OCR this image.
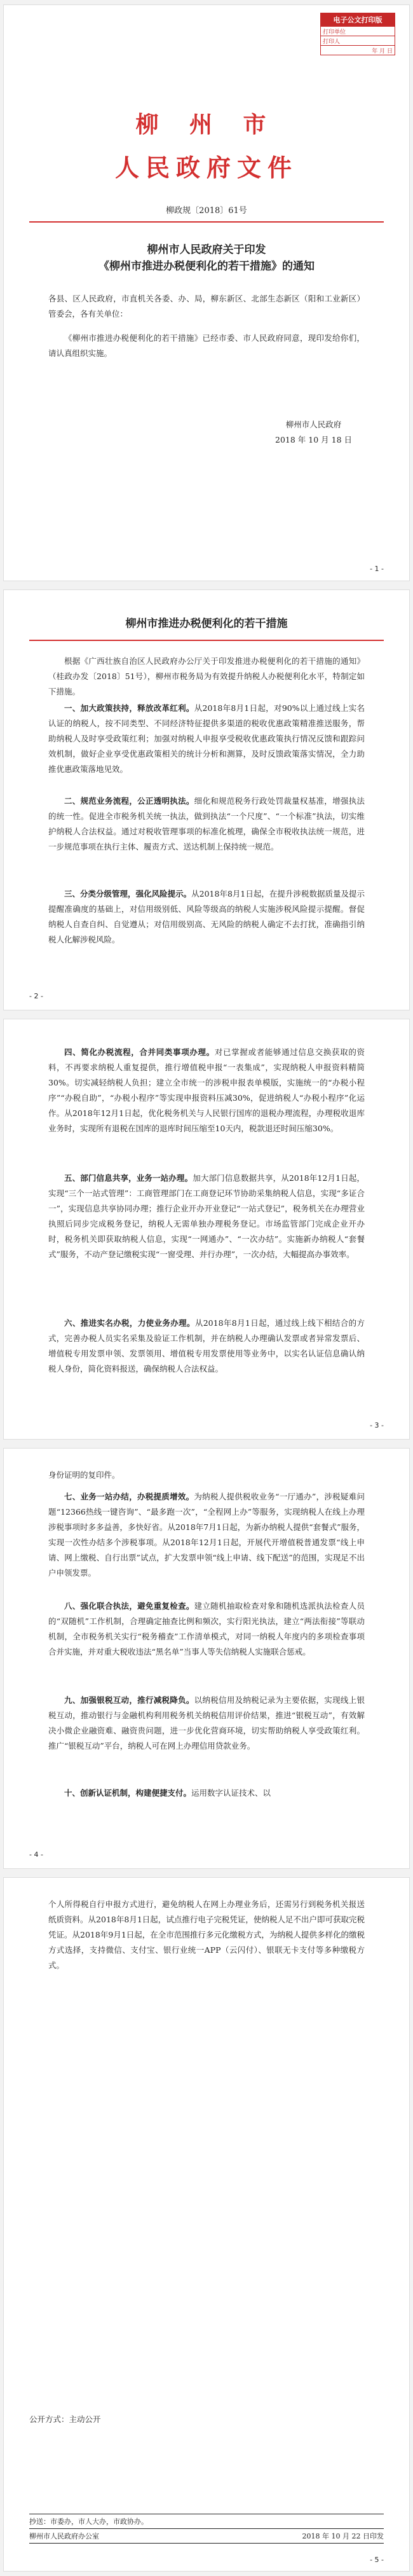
电子公文打印版
打印单位
打印人
年 月 日
柳 州 市
人民政府文件
柳政规〔2018〕61号
柳州市人民政府关于印发
《柳州市推进办税便利化的若干措施》的通知

各县、区人民政府，市直机关各委、办、局，柳东新区、北部生态新区（阳和工业新区）管委会，各有关单位：

《柳州市推进办税便利化的若干措施》已经市委、市人民政府同意，现印发给你们，请认真组织实施。

柳州市人民政府
2018 年 10 月 18 日
- 1 -
柳州市推进办税便利化的若干措施

根据《广西壮族自治区人民政府办公厅关于印发推进办税便利化的若干措施的通知》（桂政办发〔2018〕51号），柳州市税务局为有效提升纳税人办税便利化水平，特制定如下措施。

一、加大政策扶持，释放改革红利。从2018年8月1日起，对90%以上通过线上实名认证的纳税人，按不同类型、不同经济特征提供多渠道的税收优惠政策精准推送服务，帮助纳税人及时享受政策红利；加强对纳税人申报享受税收优惠政策执行情况反馈和跟踪问效机制，做好企业享受优惠政策相关的统计分析和测算，及时反馈政策落实情况，全力助推优惠政策落地见效。

二、规范业务流程，公正透明执法。细化和规范税务行政处罚裁量权基准，增强执法的统一性。促进全市税务机关统一执法，做到执法“一个尺度”、“一个标准”执法，切实维护纳税人合法权益。通过对税收管理事项的标准化梳理，确保全市税收执法统一规范，进一步规范事项在执行主体、履责方式、送达机制上保持统一规范。

三、分类分级管理，强化风险提示。从2018年8月1日起，在提升涉税数据质量及提示提醒准确度的基础上，对信用级别低、风险等级高的纳税人实施涉税风险提示提醒。督促纳税人自查自纠、自觉遵从；对信用级别高、无风险的纳税人确定不去打扰，准确指引纳税人化解涉税风险。

- 2 -

四、简化办税流程，合并同类事项办理。对已掌握或者能够通过信息交换获取的资料，不再要求纳税人重复提供，推行增值税申报“一表集成”，实现纳税人申报资料精简30%。切实减轻纳税人负担；建立全市统一的涉税申报表单模版，实施统一的“办税小程序”“办税自助”，“办税小程序”等实现申报资料压减30%，促进纳税人“办税小程序”化运作。从2018年12月1日起，优化税务机关与人民银行国库的退税办理流程，办理税收退库业务时，实现所有退税在国库的退库时间压缩至10天内，税款退还时间压缩30%。

五、部门信息共享，业务一站办理。加大部门信息数据共享，从2018年12月1日起，实现“三个一站式管理”：工商管理部门在工商登记环节协助采集纳税人信息，实现“多证合一”，实现信息共享协同办理；推行企业开办开业登记“一站式登记”，税务机关在办理营业执照后同步完成税务登记，纳税人无需单独办理税务登记。市场监管部门完成企业开办时，税务机关即获取纳税人信息，实现“一网通办”、“一次办结”。实施新办纳税人“套餐式”服务，不动产登记缴税实现“一窗受理、并行办理”，一次办结，大幅提高办事效率。

六、推进实名办税，力使业务办理。从2018年8月1日起，通过线上线下相结合的方式，完善办税人员实名采集及验证工作机制，并在纳税人办理确认发票或者异常发票后、增值税专用发票申领、发票领用、增值税专用发票使用等业务中，以实名认证信息确认纳税人身份，简化资料报送，确保纳税人合法权益。

- 3 -

身份证明的复印件。

七、业务一站办结，办税提质增效。为纳税人提供税收业务“一厅通办”，涉税疑难问题“12366热线一键咨询”、“最多跑一次”，“全程网上办”等服务，实现纳税人在线上办理涉税事项时多多益善，多快好省。从2018年7月1日起，为新办纳税人提供“套餐式”服务，实现一次性办结多个涉税事项。从2018年12月1日起，开展代开增值税普通发票“线上申请、网上缴税、自行出票”试点，扩大发票申领“线上申请、线下配送”的范围，实现足不出户申领发票。

八、强化联合执法，避免重复检查。建立随机抽取检查对象和随机选派执法检查人员的“双随机”工作机制，合理确定抽查比例和频次，实行阳光执法，建立“两法衔接”等联动机制，全市税务机关实行“税务稽查”工作清单模式，对同一纳税人年度内的多项检查事项合并实施，并对重大税收违法“黑名单”当事人等失信纳税人实施联合惩戒。

九、加强银税互动，推行减税降负。以纳税信用及纳税记录为主要依据，实现线上银税互动，推动银行与金融机构利用税务机关纳税信用评价结果，推进“银税互动”，有效解决小微企业融资难、融资贵问题，进一步优化营商环境，切实帮助纳税人享受政策红利。推广“银税互动”平台，纳税人可在网上办理信用贷款业务。

十、创新认证机制，构建便捷支付。运用数字认证技术、以

- 4 -

个人所得税自行申报方式进行，避免纳税人在网上办理业务后，还需另行到税务机关报送纸质资料。从2018年8月1日起，试点推行电子完税凭证，使纳税人足不出户即可获取完税凭证。从2018年9月1日起，在全市范围推行多元化缴税方式，为纳税人提供多样化的缴税方式选择，支持微信、支付宝、银行业统一APP（云闪付）、银联无卡支付等多种缴税方式。

公开方式：主动公开

抄送：市委办，市人大办，市政协办。
柳州市人民政府办公室	2018 年 10 月 22 日印发
- 5 -
